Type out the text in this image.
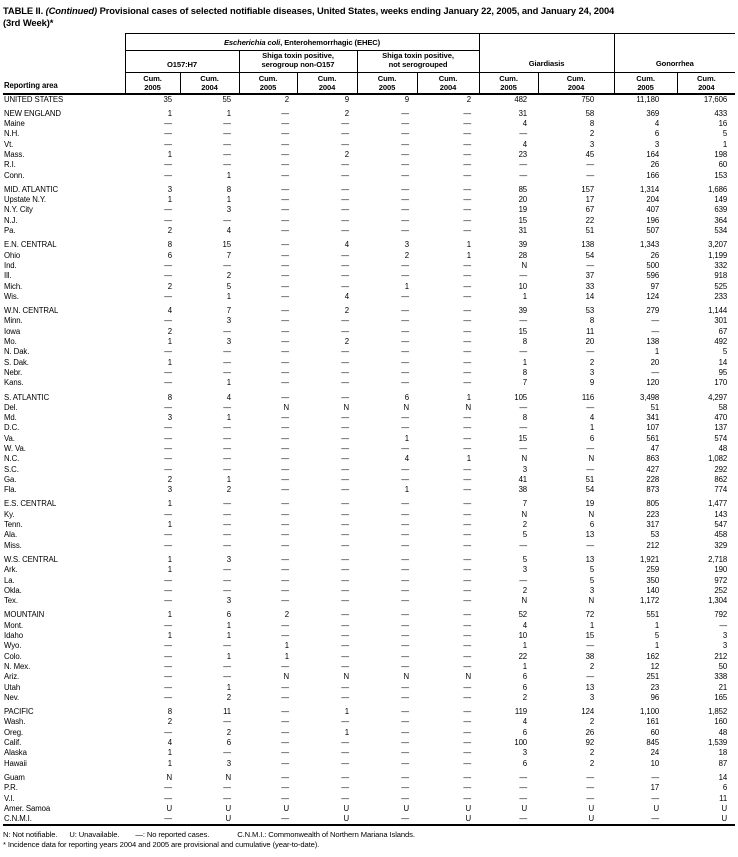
TABLE II. (Continued) Provisional cases of selected notifiable diseases, United States, weeks ending January 22, 2005, and January 24, 2004
(3rd Week)*
Reporting area	Escherichia coli, Enterohemorrhagic (EHEC)						Giardiasis		Gonorrhea	
	O157:H7		Shiga toxin positive,
serogroup non-O157		Shiga toxin positive,
not serogrouped					
	Cum.
2005	Cum.
2004	Cum.
2005	Cum.
2004	Cum.
2005	Cum.
2004	Cum.
2005	Cum.
2004	Cum.
2005	Cum.
2004
UNITED STATES	35	55	2	9	9	2	482	750	11,180	17,606

NEW ENGLAND	1	1	—	2	—	—	31	58	369	433
Maine	—	—	—	—	—	—	4	8	4	16
N.H.	—	—	—	—	—	—	—	2	6	5
Vt.	—	—	—	—	—	—	4	3	3	1
Mass.	1	—	—	2	—	—	23	45	164	198
R.I.	—	—	—	—	—	—	—	—	26	60
Conn.	—	1	—	—	—	—	—	—	166	153

MID. ATLANTIC	3	8	—	—	—	—	85	157	1,314	1,686
Upstate N.Y.	1	1	—	—	—	—	20	17	204	149
N.Y. City	—	3	—	—	—	—	19	67	407	639
N.J.	—	—	—	—	—	—	15	22	196	364
Pa.	2	4	—	—	—	—	31	51	507	534

E.N. CENTRAL	8	15	—	4	3	1	39	138	1,343	3,207
Ohio	6	7	—	—	2	1	28	54	26	1,199
Ind.	—	—	—	—	—	—	N	—	500	332
Ill.	—	2	—	—	—	—	—	37	596	918
Mich.	2	5	—	—	1	—	10	33	97	525
Wis.	—	1	—	4	—	—	1	14	124	233

W.N. CENTRAL	4	7	—	2	—	—	39	53	279	1,144
Minn.	—	3	—	—	—	—	—	8	—	301
Iowa	2	—	—	—	—	—	15	11	—	67
Mo.	1	3	—	2	—	—	8	20	138	492
N. Dak.	—	—	—	—	—	—	—	—	1	5
S. Dak.	1	—	—	—	—	—	1	2	20	14
Nebr.	—	—	—	—	—	—	8	3	—	95
Kans.	—	1	—	—	—	—	7	9	120	170

S. ATLANTIC	8	4	—	—	6	1	105	116	3,498	4,297
Del.	—	—	N	N	N	N	—	—	51	58
Md.	3	1	—	—	—	—	8	4	341	470
D.C.	—	—	—	—	—	—	—	1	107	137
Va.	—	—	—	—	1	—	15	6	561	574
W. Va.	—	—	—	—	—	—	—	—	47	48
N.C.	—	—	—	—	4	1	N	N	863	1,082
S.C.	—	—	—	—	—	—	3	—	427	292
Ga.	2	1	—	—	—	—	41	51	228	862
Fla.	3	2	—	—	1	—	38	54	873	774

E.S. CENTRAL	1	—	—	—	—	—	7	19	805	1,477
Ky.	—	—	—	—	—	—	N	N	223	143
Tenn.	1	—	—	—	—	—	2	6	317	547
Ala.	—	—	—	—	—	—	5	13	53	458
Miss.	—	—	—	—	—	—	—	—	212	329

W.S. CENTRAL	1	3	—	—	—	—	5	13	1,921	2,718
Ark.	1	—	—	—	—	—	3	5	259	190
La.	—	—	—	—	—	—	—	5	350	972
Okla.	—	—	—	—	—	—	2	3	140	252
Tex.	—	3	—	—	—	—	N	N	1,172	1,304

MOUNTAIN	1	6	2	—	—	—	52	72	551	792
Mont.	—	1	—	—	—	—	4	1	1	—
Idaho	1	1	—	—	—	—	10	15	5	3
Wyo.	—	—	1	—	—	—	1	—	1	3
Colo.	—	1	1	—	—	—	22	38	162	212
N. Mex.	—	—	—	—	—	—	1	2	12	50
Ariz.	—	—	N	N	N	N	6	—	251	338
Utah	—	1	—	—	—	—	6	13	23	21
Nev.	—	2	—	—	—	—	2	3	96	165

PACIFIC	8	11	—	1	—	—	119	124	1,100	1,852
Wash.	2	—	—	—	—	—	4	2	161	160
Oreg.	—	2	—	1	—	—	6	26	60	48
Calif.	4	6	—	—	—	—	100	92	845	1,539
Alaska	1	—	—	—	—	—	3	2	24	18
Hawaii	1	3	—	—	—	—	6	2	10	87

Guam	N	N	—	—	—	—	—	—	—	14
P.R.	—	—	—	—	—	—	—	—	17	6
V.I.	—	—	—	—	—	—	—	—	—	11
Amer. Samoa	U	U	U	U	U	U	U	U	U	U
C.N.M.I.	—	U	—	U	—	U	—	U	—	U
N: Not notifiable. U: Unavailable. —: No reported cases.	C.N.M.I.: Commonwealth of Northern Mariana Islands.
* Incidence data for reporting years 2004 and 2005 are provisional and cumulative (year-to-date).
